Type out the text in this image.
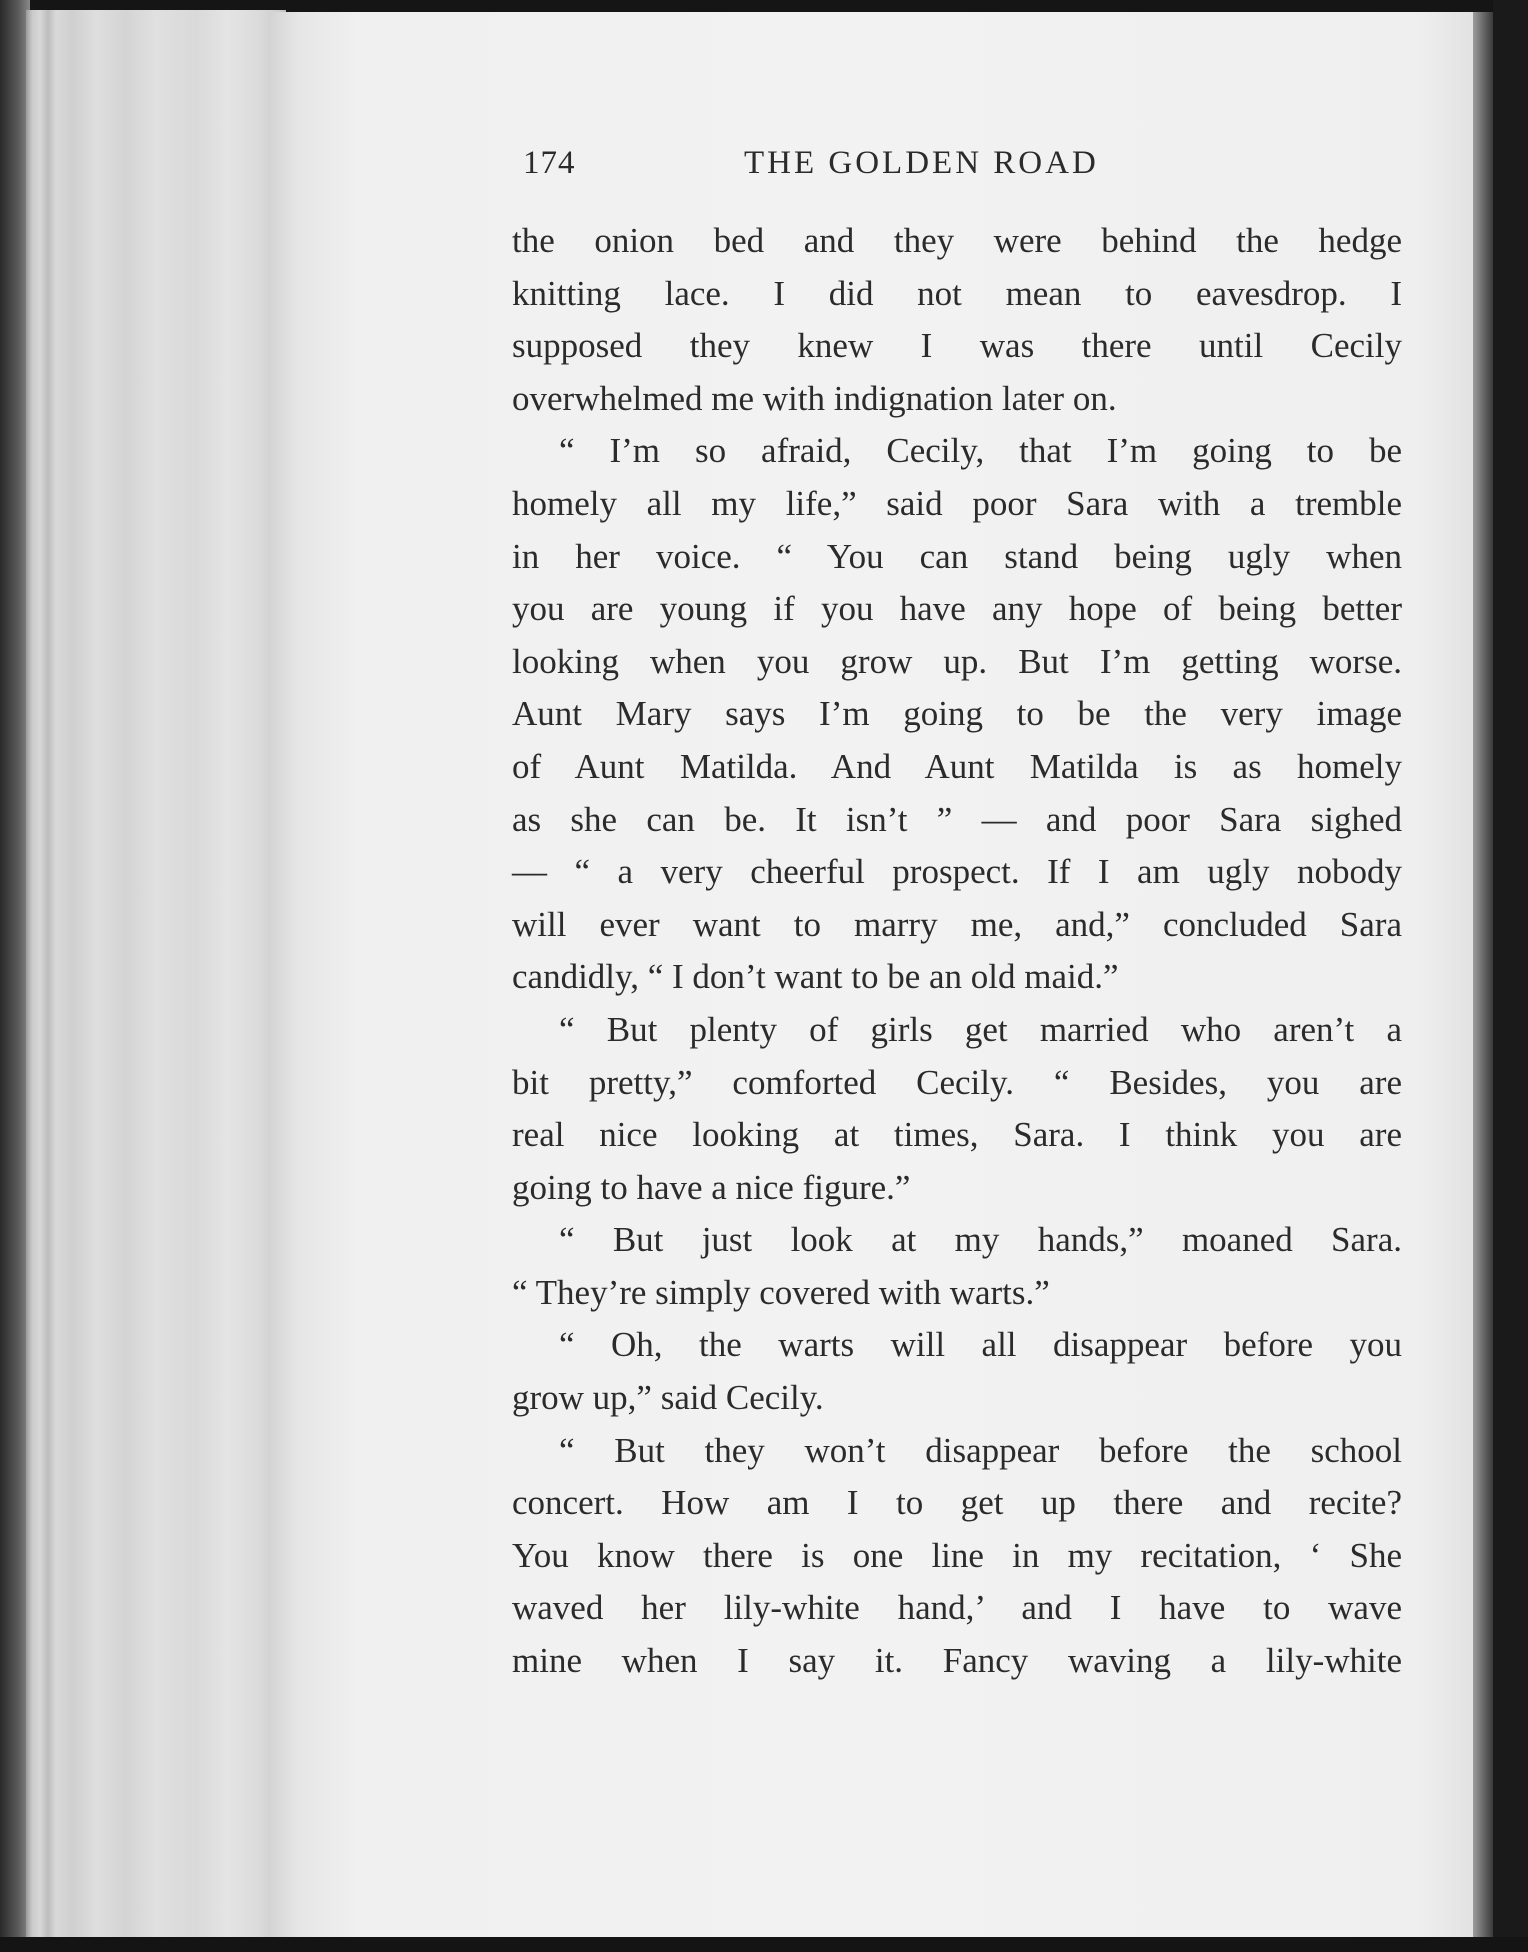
174	THE GOLDEN ROAD
the onion bed and they were behind the hedge
knitting lace. I did not mean to eavesdrop. I
supposed they knew I was there until Cecily
overwhelmed me with indignation later on.
“ I’m so afraid, Cecily, that I’m going to be
homely all my life,” said poor Sara with a tremble
in her voice. “ You can stand being ugly when
you are young if you have any hope of being better
looking when you grow up. But I’m getting worse.
Aunt Mary says I’m going to be the very image
of Aunt Matilda. And Aunt Matilda is as homely
as she can be. It isn’t ” — and poor Sara sighed
— “ a very cheerful prospect. If I am ugly nobody
will ever want to marry me, and,” concluded Sara
candidly, “ I don’t want to be an old maid.”
“ But plenty of girls get married who aren’t a
bit pretty,” comforted Cecily. “ Besides, you are
real nice looking at times, Sara. I think you are
going to have a nice figure.”
“ But just look at my hands,” moaned Sara.
“ They’re simply covered with warts.”
“ Oh, the warts will all disappear before you
grow up,” said Cecily.
“ But they won’t disappear before the school
concert. How am I to get up there and recite?
You know there is one line in my recitation, ‘ She
waved her lily-white hand,’ and I have to wave
mine when I say it. Fancy waving a lily-white
